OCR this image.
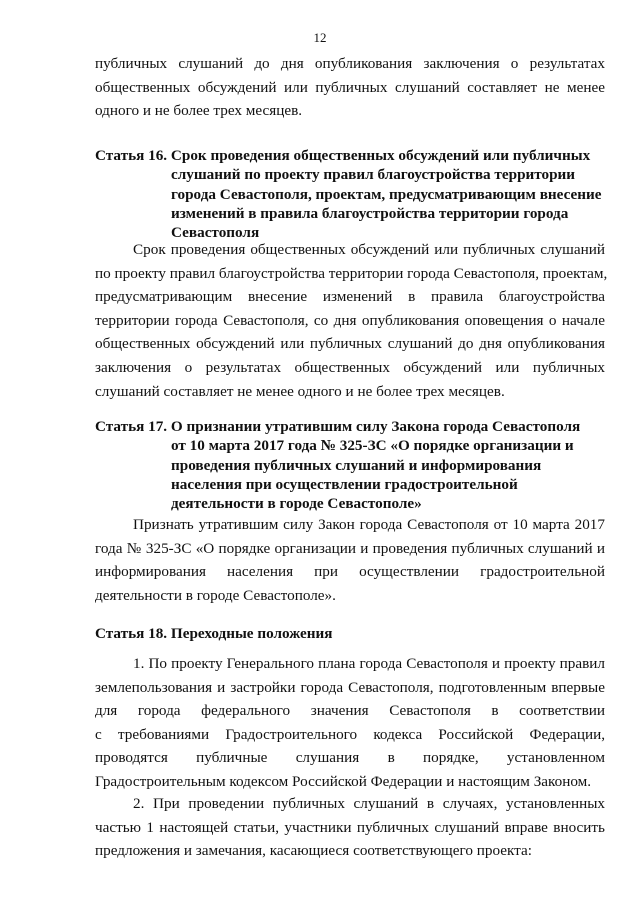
12
публичных слушаний до дня опубликования заключения о результатах
общественных обсуждений или публичных слушаний составляет не менее
одного и не более трех месяцев.
Статья 16. Срок проведения общественных обсуждений или публичных
слушаний по проекту правил благоустройства территории
города Севастополя, проектам, предусматривающим внесение
изменений в правила благоустройства территории города
Севастополя
Срок проведения общественных обсуждений или публичных слушаний
по проекту правил благоустройства территории города Севастополя, проектам,
предусматривающим внесение изменений в правила благоустройства
территории города Севастополя, со дня опубликования оповещения о начале
общественных обсуждений или публичных слушаний до дня опубликования
заключения о результатах общественных обсуждений или публичных
слушаний составляет не менее одного и не более трех месяцев.
Статья 17. О признании утратившим силу Закона города Севастополя
от 10 марта 2017 года № 325-ЗС «О порядке организации и
проведения публичных слушаний и информирования
населения при осуществлении градостроительной
деятельности в городе Севастополе»
Признать утратившим силу Закон города Севастополя от 10 марта 2017
года № 325-ЗС «О порядке организации и проведения публичных слушаний и
информирования населения при осуществлении градостроительной
деятельности в городе Севастополе».
Статья 18. Переходные положения
1. По проекту Генерального плана города Севастополя и проекту правил
землепользования и застройки города Севастополя, подготовленным впервые
для города федерального значения Севастополя в соответствии
с требованиями Градостроительного кодекса Российской Федерации,
проводятся публичные слушания в порядке, установленном
Градостроительным кодексом Российской Федерации и настоящим Законом.
2. При проведении публичных слушаний в случаях, установленных
частью 1 настоящей статьи, участники публичных слушаний вправе вносить
предложения и замечания, касающиеся соответствующего проекта:
